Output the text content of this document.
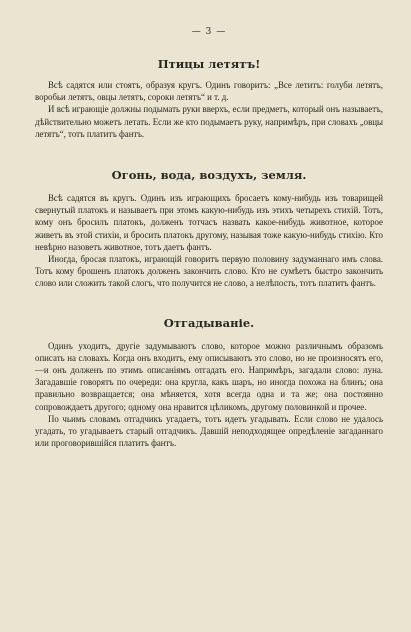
— 3 —
Птицы летятъ!

Всѣ садятся или стоятъ, образуя кругъ. Одинъ говоритъ: „Все летитъ: голуби летятъ, воробьи летятъ, овцы летятъ, сороки летятъ“ и т. д.

И всѣ играющіе должны подымать руки вверхъ, если предметъ, который онъ называетъ, дѣйствительно можетъ летать. Если же кто подымаетъ руку, напримѣръ, при словахъ „овцы летятъ“, тотъ платитъ фантъ.

Огонь, вода, воздухъ, земля.

Всѣ садятся въ кругъ. Одинъ изъ играющихъ бросаетъ кому-нибудь изъ товарищей свернутый платокъ и называетъ при этомъ какую-нибудь изъ этихъ четырехъ стихій. Тотъ, кому онъ бросилъ платокъ, долженъ тотчасъ назвать какое-нибудь животное, которое живетъ въ этой стихіи, и бросить платокъ другому, называя тоже какую-нибудь стихію. Кто невѣрно назоветъ животное, тотъ даетъ фантъ.

Иногда, бросая платокъ, играющій говоритъ первую половину задуманнаго имъ слова. Тотъ кому брошенъ платокъ долженъ закончить слово. Кто не сумѣетъ быстро закончить слово или сложить такой слогъ, что получится не слово, а нелѣпость, тотъ платитъ фантъ.

Отгадываніе.

Одинъ уходитъ, другіе задумываютъ слово, которое можно различнымъ образомъ описать на словахъ. Когда онъ входитъ, ему описываютъ это слово, но не произносятъ его,—и онъ долженъ по этимъ описаніямъ отгадать его. Напримѣръ, загадали слово: луна. Загадавшіе говорятъ по очереди: она кругла, какъ шаръ, но иногда похожа на блинъ; она правильно возвращается; она мѣняется, хотя всегда одна и та же; она постоянно сопровождаетъ другого; одному она нравится цѣликомъ, другому половинкой и прочее.

По чьимъ словамъ отгадчикъ угадаетъ, тотъ идетъ угадывать. Если слово не удалось угадать, то угадываетъ старый отгадчикъ. Давшій неподходящее опредѣленіе загаданнаго или проговорившійся платитъ фантъ.
